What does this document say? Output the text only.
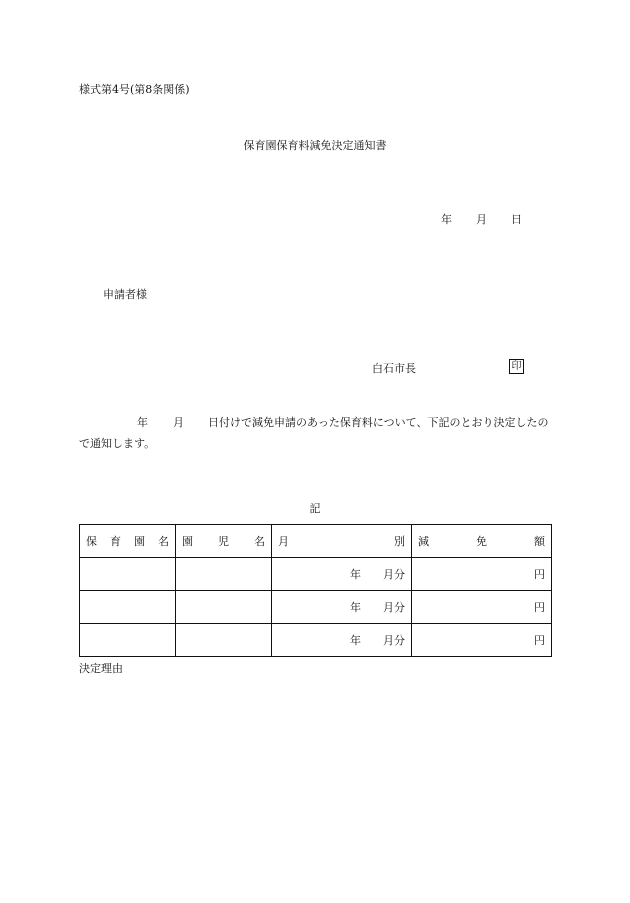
様式第4号(第8条関係)
保育園保育料減免決定通知書
年 月 日
申請者様
白石市長	印
年 月 日付けで減免申請のあった保育料について、下記のとおり決定したので通知します。
記
保 育 園 名	園 児 名	月 別	減 免 額

		年 月分	円
		年 月分	円
		年 月分	円
決定理由
